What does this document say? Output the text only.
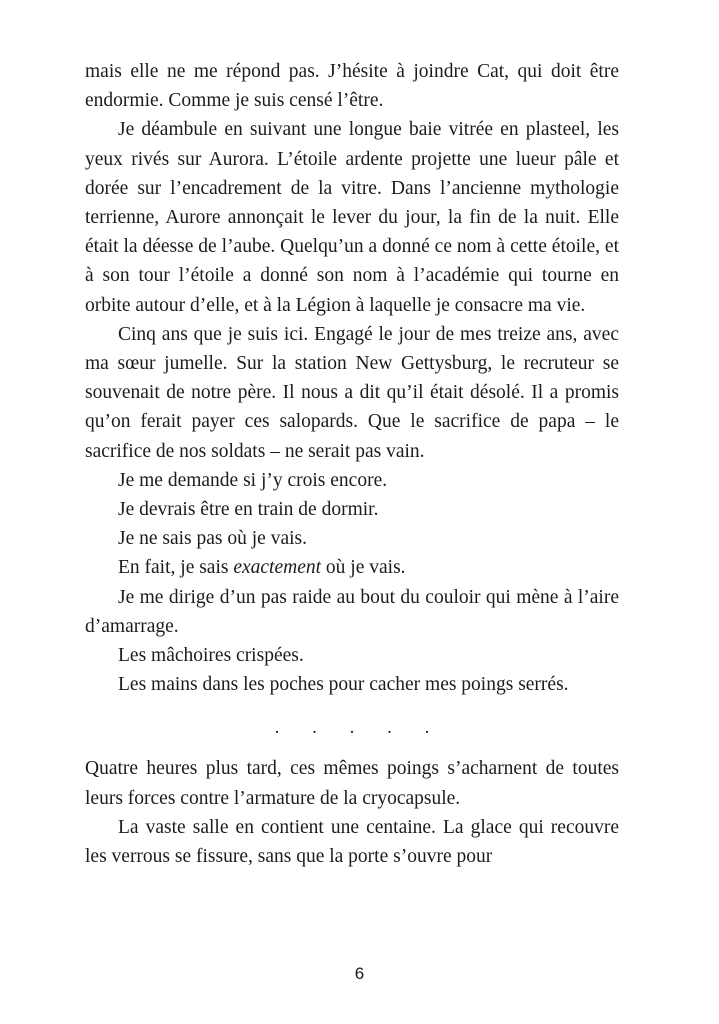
mais elle ne me répond pas. J’hésite à joindre Cat, qui doit être endormie. Comme je suis censé l’être.

Je déambule en suivant une longue baie vitrée en plasteel, les yeux rivés sur Aurora. L’étoile ardente projette une lueur pâle et dorée sur l’encadrement de la vitre. Dans l’ancienne mythologie terrienne, Aurore annonçait le lever du jour, la fin de la nuit. Elle était la déesse de l’aube. Quelqu’un a donné ce nom à cette étoile, et à son tour l’étoile a donné son nom à l’académie qui tourne en orbite autour d’elle, et à la Légion à laquelle je consacre ma vie.

Cinq ans que je suis ici. Engagé le jour de mes treize ans, avec ma sœur jumelle. Sur la station New Gettysburg, le recruteur se souvenait de notre père. Il nous a dit qu’il était désolé. Il a promis qu’on ferait payer ces salopards. Que le sacrifice de papa – le sacrifice de nos soldats – ne serait pas vain.

Je me demande si j’y crois encore.

Je devrais être en train de dormir.

Je ne sais pas où je vais.

En fait, je sais exactement où je vais.

Je me dirige d’un pas raide au bout du couloir qui mène à l’aire d’amarrage.

Les mâchoires crispées.

Les mains dans les poches pour cacher mes poings serrés.

. . . . .

Quatre heures plus tard, ces mêmes poings s’acharnent de toutes leurs forces contre l’armature de la cryocapsule.

La vaste salle en contient une centaine. La glace qui recouvre les verrous se fissure, sans que la porte s’ouvre pour

6
